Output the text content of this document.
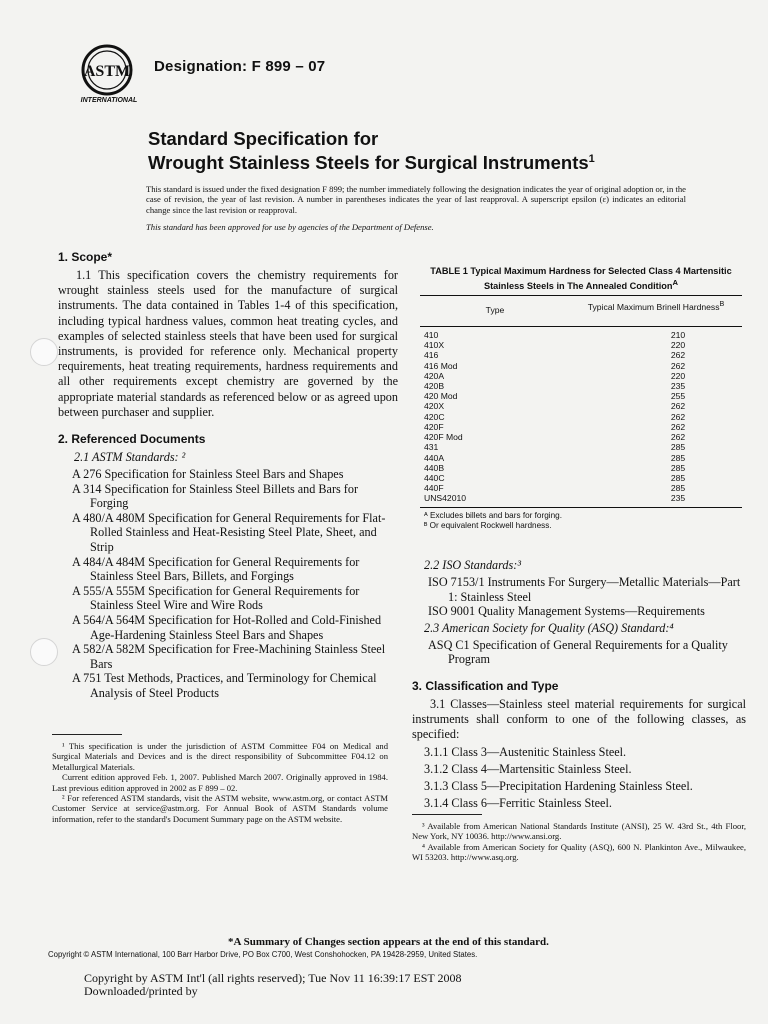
ASTM
INTERNATIONAL
Designation: F 899 – 07
Standard Specification for
Wrought Stainless Steels for Surgical Instruments$^1$

This standard is issued under the fixed designation F 899; the number immediately following the designation indicates the year of original adoption or, in the case of revision, the year of last revision. A number in parentheses indicates the year of last reapproval. A superscript epsilon (ε) indicates an editorial change since the last revision or reapproval.

This standard has been approved for use by agencies of the Department of Defense.

1. Scope*

1.1 This specification covers the chemistry requirements for wrought stainless steels used for the manufacture of surgical instruments. The data contained in Tables 1-4 of this specification, including typical hardness values, common heat treating cycles, and examples of selected stainless steels that have been used for surgical instruments, is provided for reference only. Mechanical property requirements, heat treating requirements, hardness requirements and all other requirements except chemistry are governed by the appropriate material standards as referenced below or as agreed upon between purchaser and supplier.

2. Referenced Documents
2.1 ASTM Standards: ²
A 276 Specification for Stainless Steel Bars and Shapes
A 314 Specification for Stainless Steel Billets and Bars for Forging
A 480/A 480M Specification for General Requirements for Flat-Rolled Stainless and Heat-Resisting Steel Plate, Sheet, and Strip
A 484/A 484M Specification for General Requirements for Stainless Steel Bars, Billets, and Forgings
A 555/A 555M Specification for General Requirements for Stainless Steel Wire and Wire Rods
A 564/A 564M Specification for Hot-Rolled and Cold-Finished Age-Hardening Stainless Steel Bars and Shapes
A 582/A 582M Specification for Free-Machining Stainless Steel Bars
A 751 Test Methods, Practices, and Terminology for Chemical Analysis of Steel Products

¹ This specification is under the jurisdiction of ASTM Committee F04 on Medical and Surgical Materials and Devices and is the direct responsibility of Subcommittee F04.12 on Metallurgical Materials.

Current edition approved Feb. 1, 2007. Published March 2007. Originally approved in 1984. Last previous edition approved in 2002 as F 899 – 02.

² For referenced ASTM standards, visit the ASTM website, www.astm.org, or contact ASTM Customer Service at service@astm.org. For Annual Book of ASTM Standards volume information, refer to the standard's Document Summary page on the ASTM website.

TABLE 1 Typical Maximum Hardness for Selected Class 4 Martensitic Stainless Steels in The Annealed Condition$^A$
Type	Typical Maximum Brinell Hardness$^B$
410	210
410X	220
416	262
416 Mod	262
420A	220
420B	235
420 Mod	255
420X	262
420C	262
420F	262
420F Mod	262
431	285
440A	285
440B	285
440C	285
440F	285
UNS42010	235
ᴬ Excludes billets and bars for forging.
ᴮ Or equivalent Rockwell hardness.
2.2 ISO Standards:³
ISO 7153/1 Instruments For Surgery—Metallic Materials—Part 1: Stainless Steel
ISO 9001 Quality Management Systems—Requirements
2.3 American Society for Quality (ASQ) Standard:⁴
ASQ C1 Specification of General Requirements for a Quality Program
3. Classification and Type

3.1 Classes—Stainless steel material requirements for surgical instruments shall conform to one of the following classes, as specified:

3.1.1 Class 3—Austenitic Stainless Steel.
3.1.2 Class 4—Martensitic Stainless Steel.
3.1.3 Class 5—Precipitation Hardening Stainless Steel.
3.1.4 Class 6—Ferritic Stainless Steel.

³ Available from American National Standards Institute (ANSI), 25 W. 43rd St., 4th Floor, New York, NY 10036. http://www.ansi.org.

⁴ Available from American Society for Quality (ASQ), 600 N. Plankinton Ave., Milwaukee, WI 53203. http://www.asq.org.

*A Summary of Changes section appears at the end of this standard.
Copyright © ASTM International, 100 Barr Harbor Drive, PO Box C700, West Conshohocken, PA 19428-2959, United States.
Copyright by ASTM Int'l (all rights reserved); Tue Nov 11 16:39:17 EST 2008
Downloaded/printed by
